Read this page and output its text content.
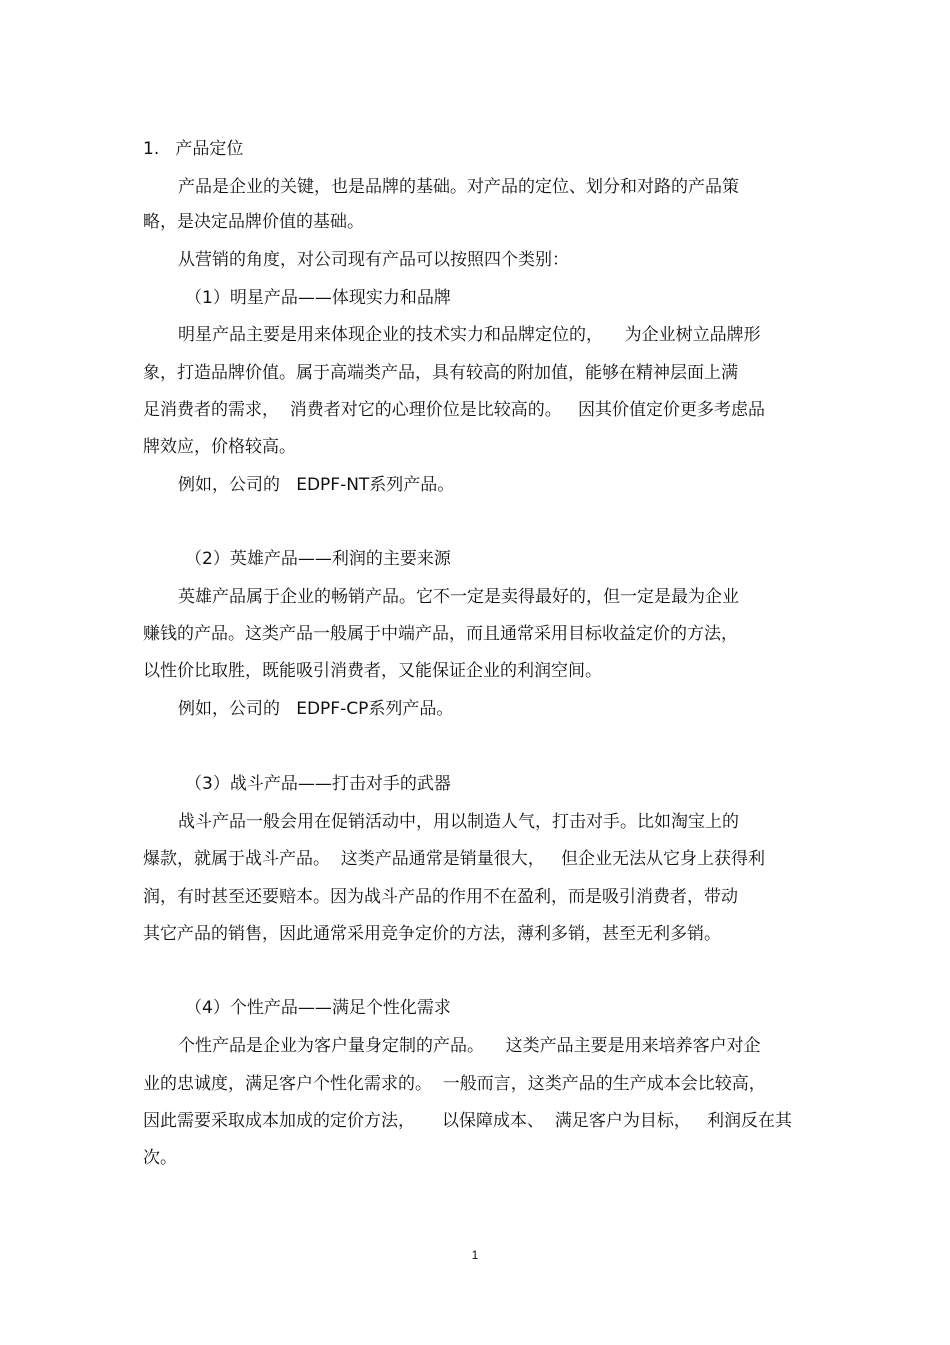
1.   产品定位
产品是企业的关键，也是品牌的基础。对产品的定位、划分和对路的产品策
略，是决定品牌价值的基础。
从营销的角度，对公司现有产品可以按照四个类别：
（1）明星产品——体现实力和品牌
明星产品主要是用来体现企业的技术实力和品牌定位的，    为企业树立品牌形
象，打造品牌价值。属于高端类产品，具有较高的附加值，能够在精神层面上满
足消费者的需求，  消费者对它的心理价位是比较高的。   因其价值定价更多考虑品
牌效应，价格较高。
例如，公司的   EDPF-NT系列产品。
（2）英雄产品——利润的主要来源
英雄产品属于企业的畅销产品。它不一定是卖得最好的，但一定是最为企业
赚钱的产品。这类产品一般属于中端产品，而且通常采用目标收益定价的方法，
以性价比取胜，既能吸引消费者，又能保证企业的利润空间。
例如，公司的   EDPF-CP系列产品。
（3）战斗产品——打击对手的武器
战斗产品一般会用在促销活动中，用以制造人气，打击对手。比如淘宝上的
爆款，就属于战斗产品。  这类产品通常是销量很大，   但企业无法从它身上获得利
润，有时甚至还要赔本。因为战斗产品的作用不在盈利，而是吸引消费者，带动
其它产品的销售，因此通常采用竞争定价的方法，薄利多销，甚至无利多销。
（4）个性产品——满足个性化需求
个性产品是企业为客户量身定制的产品。    这类产品主要是用来培养客户对企
业的忠诚度，满足客户个性化需求的。  一般而言，这类产品的生产成本会比较高，
因此需要采取成本加成的定价方法，     以保障成本、  满足客户为目标，   利润反在其
次。
1
